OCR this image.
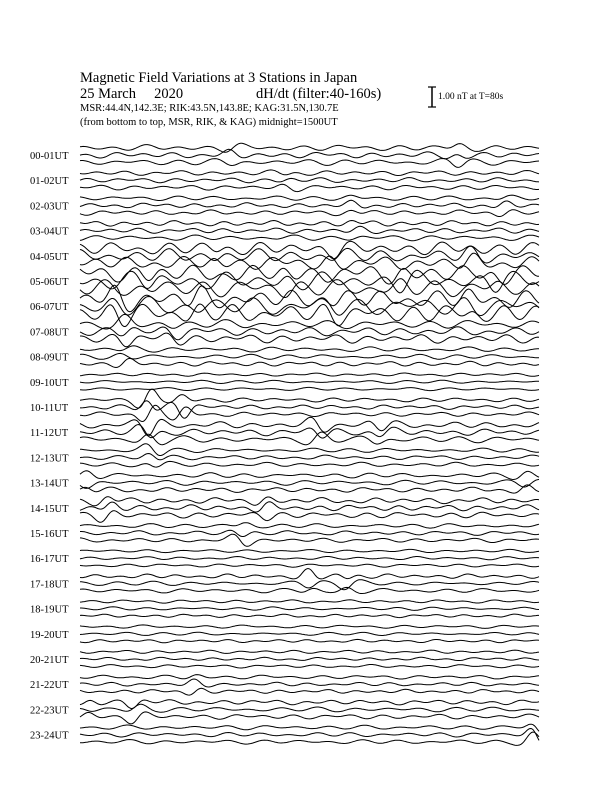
Magnetic Field Variations at 3 Stations in Japan
25 March 2020	dH/dt (filter:40-160s)
MSR:44.4N,142.3E; RIK:43.5N,143.8E; KAG:31.5N,130.7E
(from bottom to top, MSR, RIK, & KAG) midnight=1500UT
1.00 nT at T=80s
00-01UT
01-02UT
02-03UT
03-04UT
04-05UT
05-06UT
06-07UT
07-08UT
08-09UT
09-10UT
10-11UT
11-12UT
12-13UT
13-14UT
14-15UT
15-16UT
16-17UT
17-18UT
18-19UT
19-20UT
20-21UT
21-22UT
22-23UT
23-24UT
